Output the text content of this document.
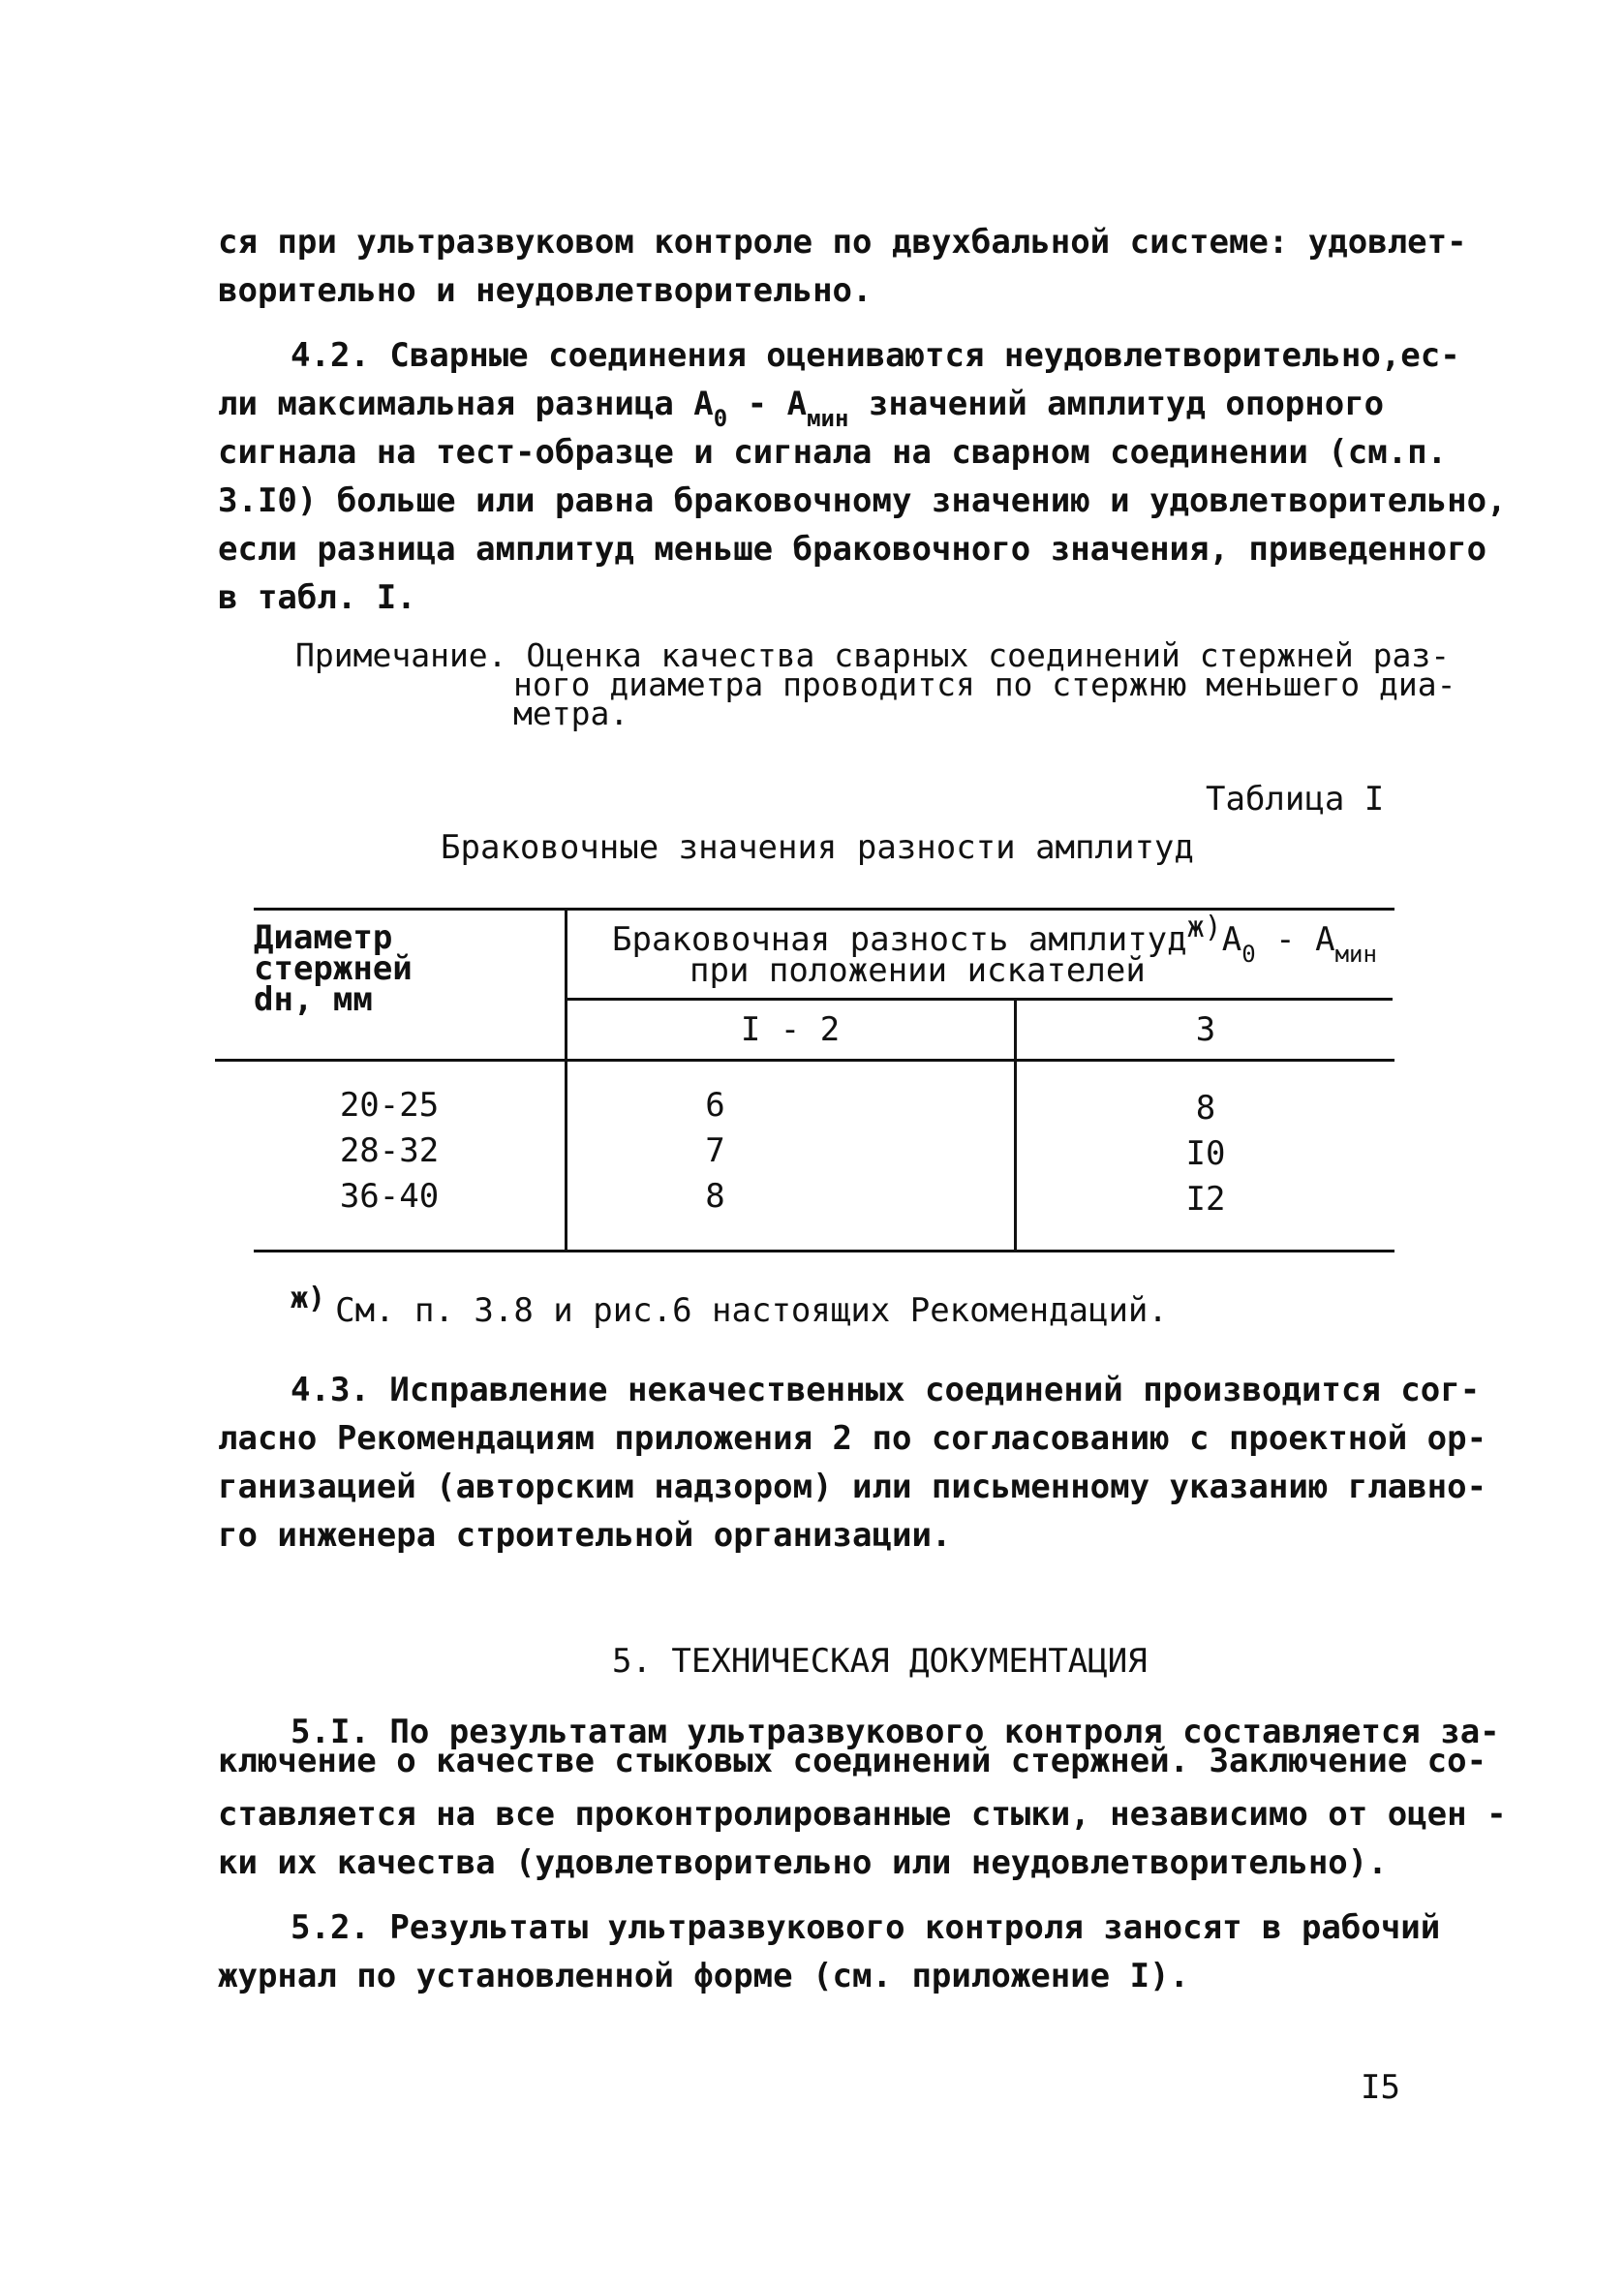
ся при ультразвуковом контроле по двухбальной системе: удовлет-
ворительно и неудовлетворительно.
4.2. Сварные соединения оцениваются неудовлетворительно,ес-
ли максимальная разница $A_0 - A_{мин}$ значений амплитуд опорного
сигнала на тест-образце и сигнала на сварном соединении (см.п.
3.I0) больше или равна браковочному значению и удовлетворительно,
если разница амплитуд меньше браковочного значения, приведенного
в табл. I.
Примечание. Оценка качества сварных соединений стержней раз-
ного диаметра проводится по стержню меньшего диа-
метра.
Таблица I
Браковочные значения разности амплитуд
Диаметр
стержней
dн, мм
Браковочная разность $амплитудж)A_0 - A_{мин}$
при положении искателей
I - 2	3
20-25	6	8
28-32	7	I0
36-40	8	I2
ж) См. п. 3.8 и рис.6 настоящих Рекомендаций.
4.3. Исправление некачественных соединений производится сог-
ласно Рекомендациям приложения 2 по согласованию с проектной ор-
ганизацией (авторским надзором) или письменному указанию главно-
го инженера строительной организации.
5. ТЕХНИЧЕСКАЯ ДОКУМЕНТАЦИЯ
5.I. По результатам ультразвукового контроля составляется за-
ключение о качестве стыковых соединений стержней. Заключение со-
ставляется на все проконтролированные стыки, независимо от оцен -
ки их качества (удовлетворительно или неудовлетворительно).
5.2. Результаты ультразвукового контроля заносят в рабочий
журнал по установленной форме (см. приложение I).
I5
